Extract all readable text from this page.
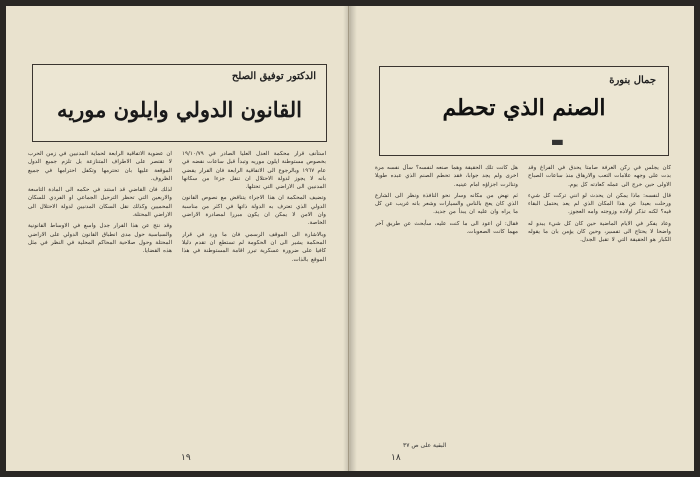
الدكتور توفيق الصلح
القانون الدولي وايلون موريه

استأنف قرار محكمة العدل العليا الصادر في ١٩/١٠/٧٩ بخصوص مستوطنة ايلون موريه وتبدأ قبل ساعات نقضه في عام ١٩٦٧ وبالرجوع الى الاتفاقية الرابعة فان القرار يقضي بانه لا يجوز لدولة الاحتلال ان تنقل جزءا من سكانها المدنيين الى الاراضي التي تحتلها.

وتضيف المحكمة ان هذا الاجراء يتناقض مع نصوص القانون الدولي الذي تعترف به الدولة ذاتها في اكثر من مناسبة وان الامن لا يمكن ان يكون مبررا لمصادرة الاراضي الخاصة.

وبالاشارة الى الموقف الرسمي فان ما ورد في قرار المحكمة يشير الى ان الحكومة لم تستطع ان تقدم دليلا كافيا على ضرورة عسكرية تبرر اقامة المستوطنة في هذا الموقع بالذات.

ان عضوية الاتفاقية الرابعة لحماية المدنيين في زمن الحرب لا تقتصر على الاطراف المتنازعة بل تلزم جميع الدول الموقعة عليها بان تحترمها وتكفل احترامها في جميع الظروف.

لذلك فان القاضي قد استند في حكمه الى المادة التاسعة والاربعين التي تحظر الترحيل الجماعي او الفردي للسكان المحميين وكذلك نقل السكان المدنيين لدولة الاحتلال الى الاراضي المحتلة.

وقد نتج عن هذا القرار جدل واسع في الاوساط القانونية والسياسية حول مدى انطباق القانون الدولي على الاراضي المحتلة وحول صلاحية المحاكم المحلية في النظر في مثل هذه القضايا.

١٩
جمال بنورة
الصنم الذي تحطم
▬

كان يجلس في ركن الغرفة صامتا يحدق في الفراغ وقد بدت على وجهه علامات التعب والارهاق منذ ساعات الصباح الاولى حين خرج الى عمله كعادته كل يوم.

قال لنفسه: ماذا يمكن ان يحدث لو انني تركت كل شيء ورحلت بعيدا عن هذا المكان الذي لم يعد يحتمل البقاء فيه؟ لكنه تذكر اولاده وزوجته وامه العجوز.

وعاد يفكر في الايام الماضية حين كان كل شيء يبدو له واضحا لا يحتاج الى تفسير، وحين كان يؤمن بان ما يقوله الكبار هو الحقيقة التي لا تقبل الجدل.

هل كانت تلك الحقيقة وهما صنعه لنفسه؟ سأل نفسه مرة اخرى ولم يجد جوابا، فقد تحطم الصنم الذي عبده طويلا وتناثرت اجزاؤه امام عينيه.

ثم نهض من مكانه وسار نحو النافذة ونظر الى الشارع الذي كان يعج بالناس والسيارات وشعر بانه غريب عن كل ما يراه وان عليه ان يبدأ من جديد.

فقال: لن اعود الى ما كنت عليه، سأبحث عن طريق آخر مهما كانت الصعوبات.

البقية على ص ٣٧
١٨
